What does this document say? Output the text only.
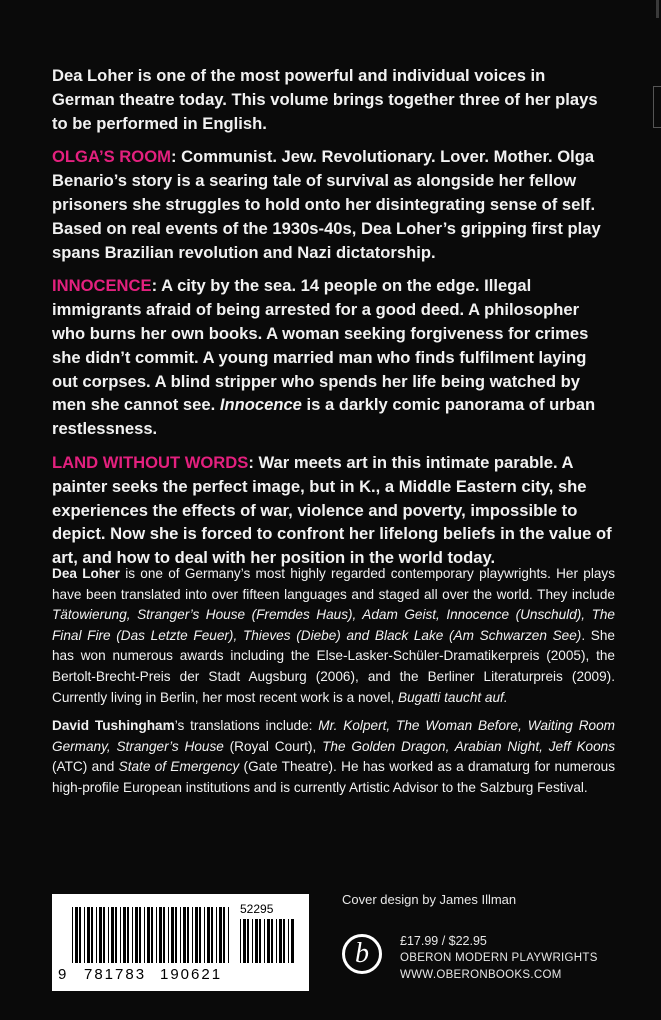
Dea Loher is one of the most powerful and individual voices in German theatre today. This volume brings together three of her plays to be performed in English.

OLGA’S ROOM: Communist. Jew. Revolutionary. Lover. Mother. Olga Benario’s story is a searing tale of survival as alongside her fellow prisoners she struggles to hold onto her disintegrating sense of self. Based on real events of the 1930s-40s, Dea Loher’s gripping first play spans Brazilian revolution and Nazi dictatorship.

INNOCENCE: A city by the sea. 14 people on the edge. Illegal immigrants afraid of being arrested for a good deed. A philosopher who burns her own books. A woman seeking forgiveness for crimes she didn’t commit. A young married man who finds fulfilment laying out corpses. A blind stripper who spends her life being watched by men she cannot see. Innocence is a darkly comic panorama of urban restlessness.

LAND WITHOUT WORDS: War meets art in this intimate parable. A painter seeks the perfect image, but in K., a Middle Eastern city, she experiences the effects of war, violence and poverty, impossible to depict. Now she is forced to confront her lifelong beliefs in the value of art, and how to deal with her position in the world today.

Dea Loher is one of Germany’s most highly regarded contemporary playwrights. Her plays have been translated into over fifteen languages and staged all over the world. They include Tätowierung, Stranger’s House (Fremdes Haus), Adam Geist, Innocence (Unschuld), The Final Fire (Das Letzte Feuer), Thieves (Diebe) and Black Lake (Am Schwarzen See). She has won numerous awards including the Else-Lasker-Schüler-Dramatikerpreis (2005), the Bertolt-Brecht-Preis der Stadt Augsburg (2006), and the Berliner Literaturpreis (2009). Currently living in Berlin, her most recent work is a novel, Bugatti taucht auf.

David Tushingham’s translations include: Mr. Kolpert, The Woman Before, Waiting Room Germany, Stranger’s House (Royal Court), The Golden Dragon, Arabian Night, Jeff Koons (ATC) and State of Emergency (Gate Theatre). He has worked as a dramaturg for numerous high-profile European institutions and is currently Artistic Advisor to the Salzburg Festival.

52295
9 781783 190621
Cover design by James Illman
b £17.99 / $22.95
OBERON MODERN PLAYWRIGHTS
WWW.OBERONBOOKS.COM
